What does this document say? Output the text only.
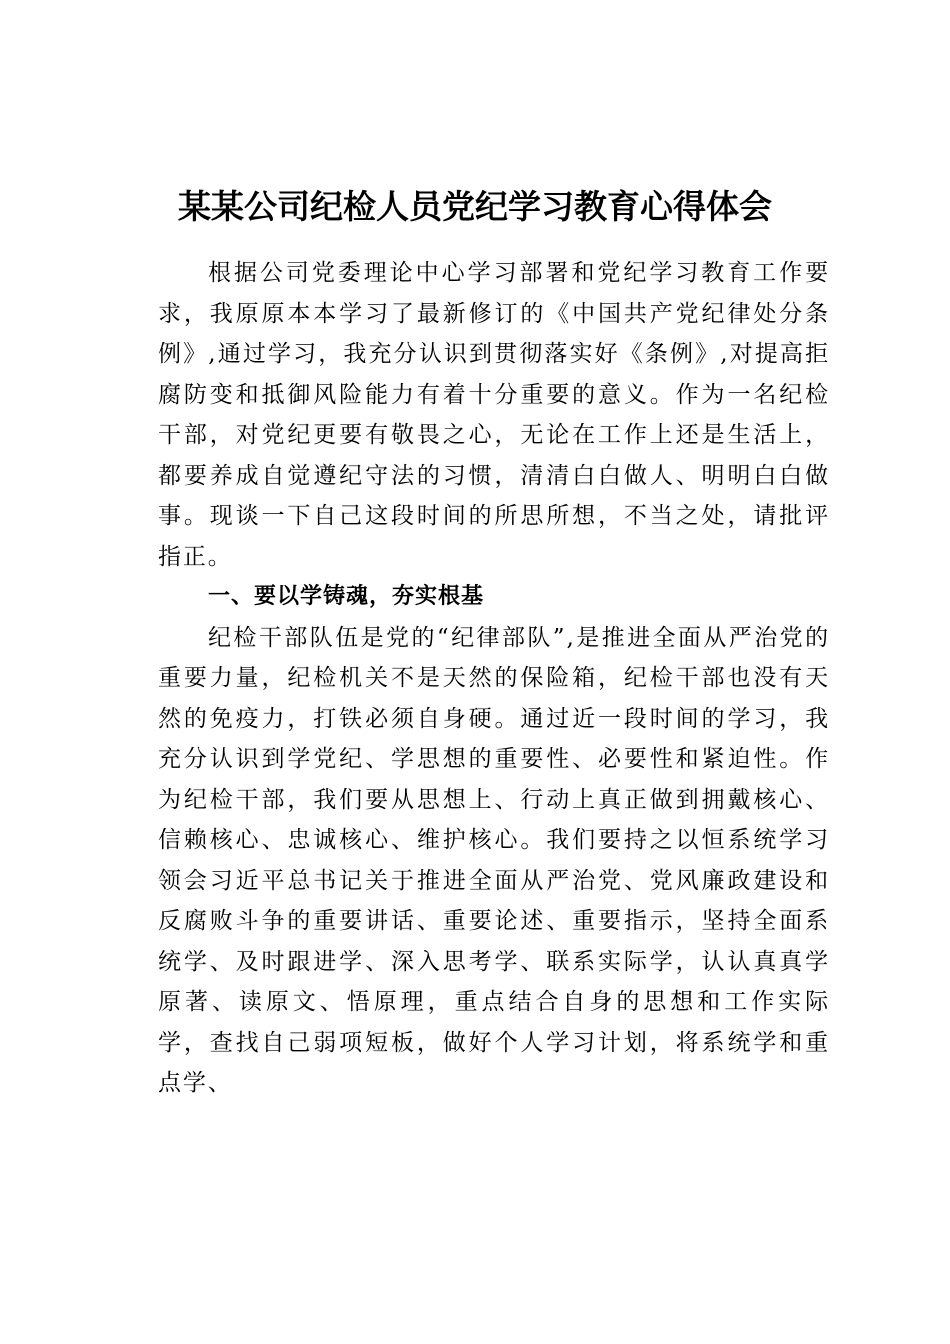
某某公司纪检人员党纪学习教育心得体会

根据公司党委理论中心学习部署和党纪学习教育工作要求，我原原本本学习了最新修订的《中国共产党纪律处分条例》,通过学习，我充分认识到贯彻落实好《条例》,对提高拒腐防变和抵御风险能力有着十分重要的意义。作为一名纪检干部，对党纪更要有敬畏之心，无论在工作上还是生活上， 都要养成自觉遵纪守法的习惯，清清白白做人、明明白白做 事。现谈一下自己这段时间的所思所想，不当之处，请批评 指正。

一、要以学铸魂，夯实根基

纪检干部队伍是党的“纪律部队”,是推进全面从严治党的重要力量，纪检机关不是天然的保险箱，纪检干部也没有天然的免疫力，打铁必须自身硬。通过近一段时间的学习，我充分认识到学党纪、学思想的重要性、必要性和紧迫性。作为纪检干部，我们要从思想上、行动上真正做到拥戴核心、信赖核心、忠诚核心、维护核心。我们要持之以恒系统学习领会习近平总书记关于推进全面从严治党、党风廉政建设和反腐败斗争的重要讲话、重要论述、重要指示，坚持全面系统学、及时跟进学、深入思考学、联系实际学，认认真真学原著、读原文、悟原理，重点结合自身的思想和工作实际学，查找自己弱项短板，做好个人学习计划，将系统学和重点学、
